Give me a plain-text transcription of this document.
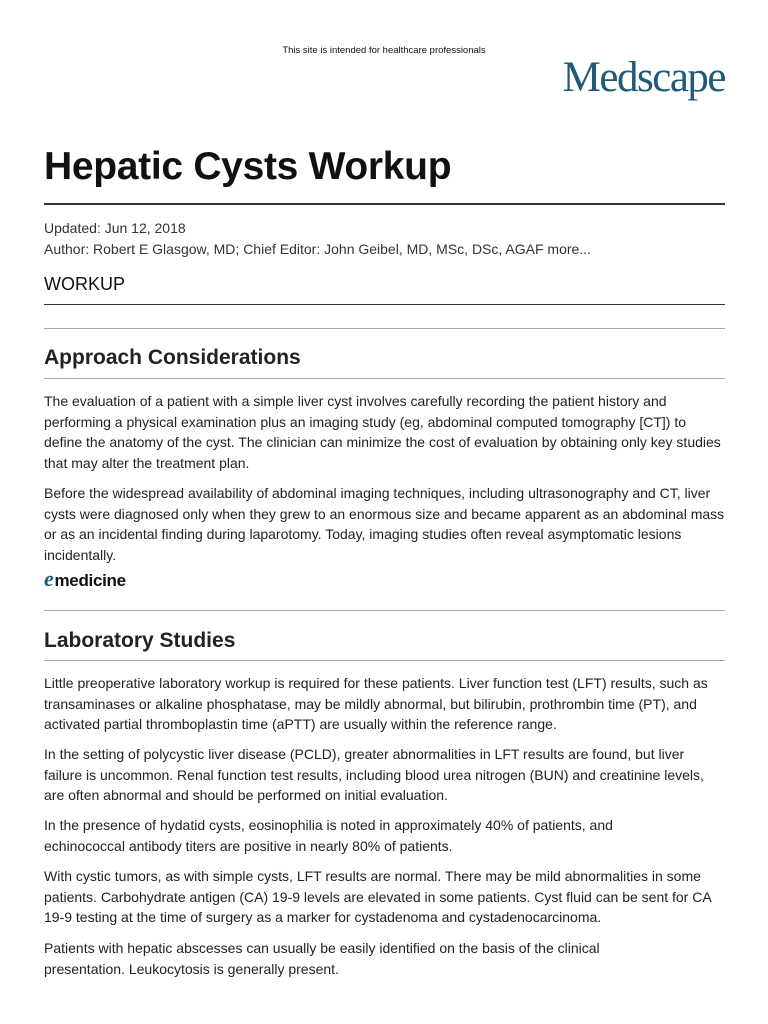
This site is intended for healthcare professionals
Medscape
Hepatic Cysts Workup
Updated: Jun 12, 2018
Author: Robert E Glasgow, MD; Chief Editor: John Geibel, MD, MSc, DSc, AGAF more...
WORKUP
Approach Considerations

The evaluation of a patient with a simple liver cyst involves carefully recording the patient history and performing a physical examination plus an imaging study (eg, abdominal computed tomography [CT]) to define the anatomy of the cyst. The clinician can minimize the cost of evaluation by obtaining only key studies that may alter the treatment plan.

Before the widespread availability of abdominal imaging techniques, including ultrasonography and CT, liver cysts were diagnosed only when they grew to an enormous size and became apparent as an abdominal mass or as an incidental finding during laparotomy. Today, imaging studies often reveal asymptomatic lesions incidentally.

emedicine
Laboratory Studies

Little preoperative laboratory workup is required for these patients. Liver function test (LFT) results, such as transaminases or alkaline phosphatase, may be mildly abnormal, but bilirubin, prothrombin time (PT), and activated partial thromboplastin time (aPTT) are usually within the reference range.

In the setting of polycystic liver disease (PCLD), greater abnormalities in LFT results are found, but liver failure is uncommon. Renal function test results, including blood urea nitrogen (BUN) and creatinine levels, are often abnormal and should be performed on initial evaluation.

In the presence of hydatid cysts, eosinophilia is noted in approximately 40% of patients, and echinococcal antibody titers are positive in nearly 80% of patients.

With cystic tumors, as with simple cysts, LFT results are normal. There may be mild abnormalities in some patients. Carbohydrate antigen (CA) 19-9 levels are elevated in some patients. Cyst fluid can be sent for CA 19-9 testing at the time of surgery as a marker for cystadenoma and cystadenocarcinoma.

Patients with hepatic abscesses can usually be easily identified on the basis of the clinical presentation. Leukocytosis is generally present.
